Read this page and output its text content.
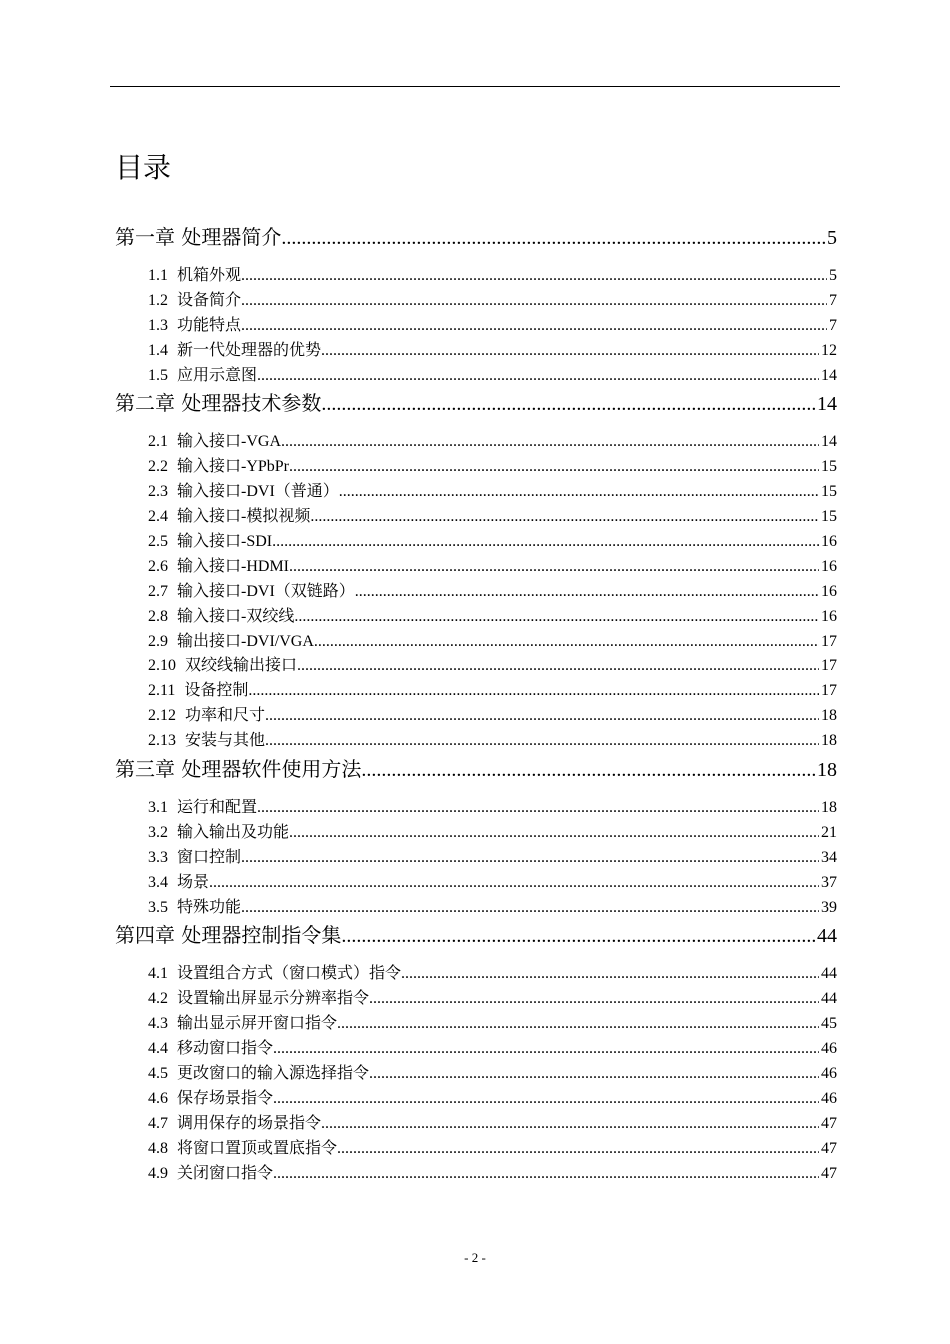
目录
第一章 处理器简介 .....	5
1.1 机箱外观 .....	5
1.2 设备简介 .....	7
1.3 功能特点 .....	7
1.4 新一代处理器的优势 .....	12
1.5 应用示意图 .....	14
第二章 处理器技术参数 .....	14
2.1 输入接口-VGA .....	14
2.2 输入接口-YPbPr .....	15
2.3 输入接口-DVI（普通） .....	15
2.4 输入接口-模拟视频 .....	15
2.5 输入接口-SDI .....	16
2.6 输入接口-HDMI .....	16
2.7 输入接口-DVI（双链路） .....	16
2.8 输入接口-双绞线 .....	16
2.9 输出接口-DVI/VGA .....	17
2.10 双绞线输出接口 .....	17
2.11 设备控制 .....	17
2.12 功率和尺寸 .....	18
2.13 安装与其他 .....	18
第三章 处理器软件使用方法 .....	18
3.1 运行和配置 .....	18
3.2 输入输出及功能 .....	21
3.3 窗口控制 .....	34
3.4 场景 .....	37
3.5 特殊功能 .....	39
第四章 处理器控制指令集 .....	44
4.1 设置组合方式（窗口模式）指令 .....	44
4.2 设置输出屏显示分辨率指令 .....	44
4.3 输出显示屏开窗口指令 .....	45
4.4 移动窗口指令 .....	46
4.5 更改窗口的输入源选择指令 .....	46
4.6 保存场景指令 .....	46
4.7 调用保存的场景指令 .....	47
4.8 将窗口置顶或置底指令 .....	47
4.9 关闭窗口指令 .....	47
- 2 -
